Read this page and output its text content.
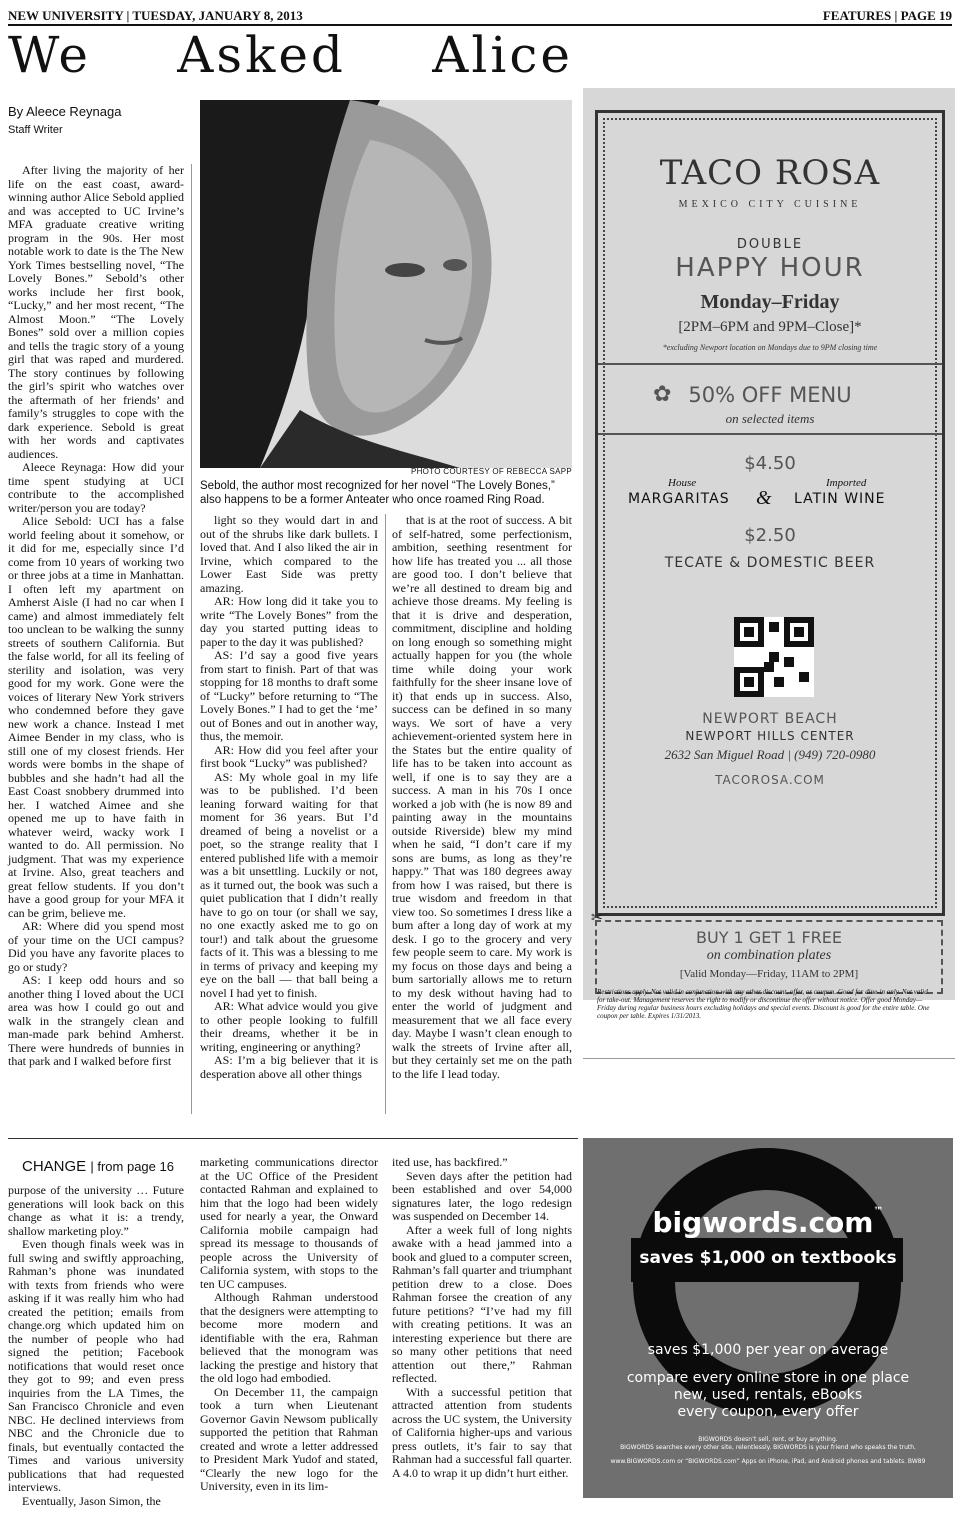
NEW UNIVERSITY | TUESDAY, JANUARY 8, 2013	FEATURES | PAGE 19
We Asked Alice
By Aleece Reynaga
Staff Writer
PHOTO COURTESY OF REBECCA SAPP
Sebold, the author most recognized for her novel “The Lovely Bones,” also happens to be a former Anteater who once roamed Ring Road.

After living the majority of her life on the east coast, award-winning author Alice Sebold applied and was accepted to UC Irvine’s MFA graduate creative writing program in the 90s. Her most notable work to date is the The New York Times bestselling novel, “The Lovely Bones.” Sebold’s other works include her first book, “Lucky,” and her most recent, “The Almost Moon.” “The Lovely Bones” sold over a million copies and tells the tragic story of a young girl that was raped and murdered. The story continues by following the girl’s spirit who watches over the aftermath of her friends’ and family’s struggles to cope with the dark experience. Sebold is great with her words and captivates audiences.

Aleece Reynaga: How did your time spent studying at UCI contribute to the accomplished writer/person you are today?

Alice Sebold: UCI has a false world feeling about it somehow, or it did for me, especially since I’d come from 10 years of working two or three jobs at a time in Manhattan. I often left my apartment on Amherst Aisle (I had no car when I came) and almost immediately felt too unclean to be walking the sunny streets of southern California. But the false world, for all its feeling of sterility and isolation, was very good for my work. Gone were the voices of literary New York strivers who condemned before they gave new work a chance. Instead I met Aimee Bender in my class, who is still one of my closest friends. Her words were bombs in the shape of bubbles and she hadn’t had all the East Coast snobbery drummed into her. I watched Aimee and she opened me up to have faith in whatever weird, wacky work I wanted to do. All permission. No judgment. That was my experience at Irvine. Also, great teachers and great fellow students. If you don’t have a good group for your MFA it can be grim, believe me.

AR: Where did you spend most of your time on the UCI campus? Did you have any favorite places to go or study?

AS: I keep odd hours and so another thing I loved about the UCI area was how I could go out and walk in the strangely clean and man-made park behind Amherst. There were hundreds of bunnies in that park and I walked before first

light so they would dart in and out of the shrubs like dark bullets. I loved that. And I also liked the air in Irvine, which compared to the Lower East Side was pretty amazing.

AR: How long did it take you to write “The Lovely Bones” from the day you started putting ideas to paper to the day it was published?

AS: I’d say a good five years from start to finish. Part of that was stopping for 18 months to draft some of “Lucky” before returning to “The Lovely Bones.” I had to get the ‘me’ out of Bones and out in another way, thus, the memoir.

AR: How did you feel after your first book “Lucky” was published?

AS: My whole goal in my life was to be published. I’d been leaning forward waiting for that moment for 36 years. But I’d dreamed of being a novelist or a poet, so the strange reality that I entered published life with a memoir was a bit unsettling. Luckily or not, as it turned out, the book was such a quiet publication that I didn’t really have to go on tour (or shall we say, no one exactly asked me to go on tour!) and talk about the gruesome facts of it. This was a blessing to me in terms of privacy and keeping my eye on the ball — that ball being a novel I had yet to finish.

AR: What advice would you give to other people looking to fulfill their dreams, whether it be in writing, engineering or anything?

AS: I’m a big believer that it is desperation above all other things

that is at the root of success. A bit of self-hatred, some perfectionism, ambition, seething resentment for how life has treated you ... all those are good too. I don’t believe that we’re all destined to dream big and achieve those dreams. My feeling is that it is drive and desperation, commitment, discipline and holding on long enough so something might actually happen for you (the whole time while doing your work faithfully for the sheer insane love of it) that ends up in success. Also, success can be defined in so many ways. We sort of have a very achievement-oriented system here in the States but the entire quality of life has to be taken into account as well, if one is to say they are a success. A man in his 70s I once worked a job with (he is now 89 and painting away in the mountains outside Riverside) blew my mind when he said, “I don’t care if my sons are bums, as long as they’re happy.” That was 180 degrees away from how I was raised, but there is true wisdom and freedom in that view too. So sometimes I dress like a bum after a long day of work at my desk. I go to the grocery and very few people seem to care. My work is my focus on those days and being a bum sartorially allows me to return to my desk without having had to enter the world of judgment and measurement that we all face every day. Maybe I wasn’t clean enough to walk the streets of Irvine after all, but they certainly set me on the path to the life I lead today.

TACO ROSA
MEXICO CITY CUISINE
DOUBLE
HAPPY HOUR
Monday–Friday
[2PM–6PM and 9PM–Close]*
*excluding Newport location on Mondays due to 9PM closing time
50% OFF MENU
on selected items
✿
$4.50
House	Imported
MARGARITAS & LATIN WINE
$2.50
TECATE & DOMESTIC BEER
NEWPORT BEACH
NEWPORT HILLS CENTER
2632 San Miguel Road | (949) 720-0980
TACOROSA.COM
✂
BUY 1 GET 1 FREE
on combination plates
[Valid Monday—Friday, 11AM to 2PM]
Restrictions apply. Not valid in conjunction with any other discount, offer, or coupon. Good for dine-in only. Not valid for take-out. Management reserves the right to modify or discontinue the offer without notice. Offer good Monday—Friday during regular business hours excluding holidays and special events. Discount is good for the entire table. One coupon per table. Expires 1/31/2013.
CHANGE | from page 16

purpose of the university … Future generations will look back on this change as what it is: a trendy, shallow marketing ploy.”

Even though finals week was in full swing and swiftly approaching, Rahman’s phone was inundated with texts from friends who were asking if it was really him who had created the petition; emails from change.org which updated him on the number of people who had signed the petition; Facebook notifications that would reset once they got to 99; and even press inquiries from the LA Times, the San Francisco Chronicle and even NBC. He declined interviews from NBC and the Chronicle due to finals, but eventually contacted the Times and various university publications that had requested interviews.

Eventually, Jason Simon, the

marketing communications director at the UC Office of the President contacted Rahman and explained to him that the logo had been widely used for nearly a year, the Onward California mobile campaign had spread its message to thousands of people across the University of California system, with stops to the ten UC campuses.

Although Rahman understood that the designers were attempting to become more modern and identifiable with the era, Rahman believed that the monogram was lacking the prestige and history that the old logo had embodied.

On December 11, the campaign took a turn when Lieutenant Governor Gavin Newsom publically supported the petition that Rahman created and wrote a letter addressed to President Mark Yudof and stated, “Clearly the new logo for the University, even in its lim-

ited use, has backfired.”

Seven days after the petition had been established and over 54,000 signatures later, the logo redesign was suspended on December 14.

After a week full of long nights awake with a head jammed into a book and glued to a computer screen, Rahman’s fall quarter and triumphant petition drew to a close. Does Rahman forsee the creation of any future petitions? “I’ve had my fill with creating petitions. It was an interesting experience but there are so many other petitions that need attention out there,” Rahman reflected.

With a successful petition that attracted attention from students across the UC system, the University of California higher-ups and various press outlets, it’s fair to say that Rahman had a successful fall quarter. A 4.0 to wrap it up didn’t hurt either.

bigwords.com™
saves $1,000 on textbooks
saves $1,000 per year on average
compare every online store in one place
new, used, rentals, eBooks
every coupon, every offer
BIGWORDS doesn’t sell, rent, or buy anything.
BIGWORDS searches every other site, relentlessly. BIGWORDS is your friend who speaks the truth.
www.BIGWORDS.com or “BIGWORDS.com” Apps on iPhone, iPad, and Android phones and tablets. BW89
